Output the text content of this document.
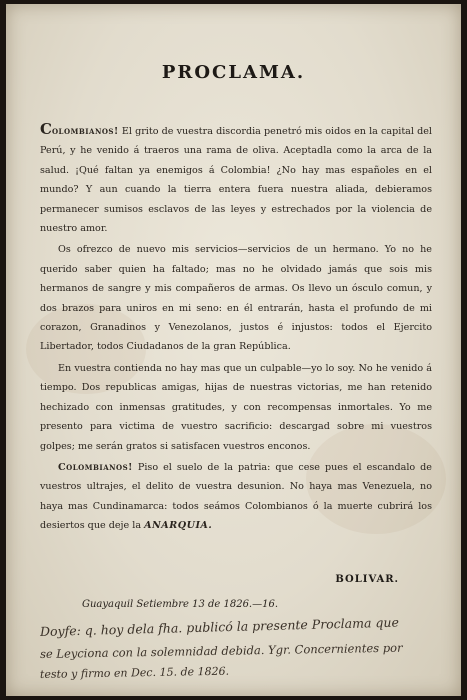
PROCLAMA.

Colombianos! El grito de vuestra discordia penetró mis oidos en la capital del Perú, y he venido á traeros una rama de oliva. Aceptadla como la arca de la salud. ¡Qué faltan ya enemigos á Colombia! ¿No hay mas españoles en el mundo? Y aun cuando la tierra entera fuera nuestra aliada, debieramos permanecer sumisos esclavos de las leyes y estrechados por la violencia de nuestro amor.

Os ofrezco de nuevo mis servicios—servicios de un hermano. Yo no he querido saber quien ha faltado; mas no he olvidado jamás que sois mis hermanos de sangre y mis compañeros de armas. Os llevo un ósculo comun, y dos brazos para uniros en mi seno: en él entrarán, hasta el profundo de mi corazon, Granadinos y Venezolanos, justos é injustos: todos el Ejercito Libertador, todos Ciudadanos de la gran República.

En vuestra contienda no hay mas que un culpable—yo lo soy. No he venido á tiempo. Dos republicas amigas, hijas de nuestras victorias, me han retenido hechizado con inmensas gratitudes, y con recompensas inmortales. Yo me presento para victima de vuestro sacrificio: descargad sobre mi vuestros golpes; me serán gratos si satisfacen vuestros enconos.

Colombianos! Piso el suelo de la patria: que cese pues el escandalo de vuestros ultrajes, el delito de vuestra desunion. No haya mas Venezuela, no haya mas Cundinamarca: todos seámos Colombianos ó la muerte cubrirá los desiertos que deje la ANARQUIA.

BOLIVAR.
Guayaquil Setiembre 13 de 1826.—16.
Doyfe: q. hoy dela fha. publicó la presente Proclama que
se Leyciona con la solemnidad debida. Ygr. Concernientes por
testo y firmo en Dec. 15. de 1826.
